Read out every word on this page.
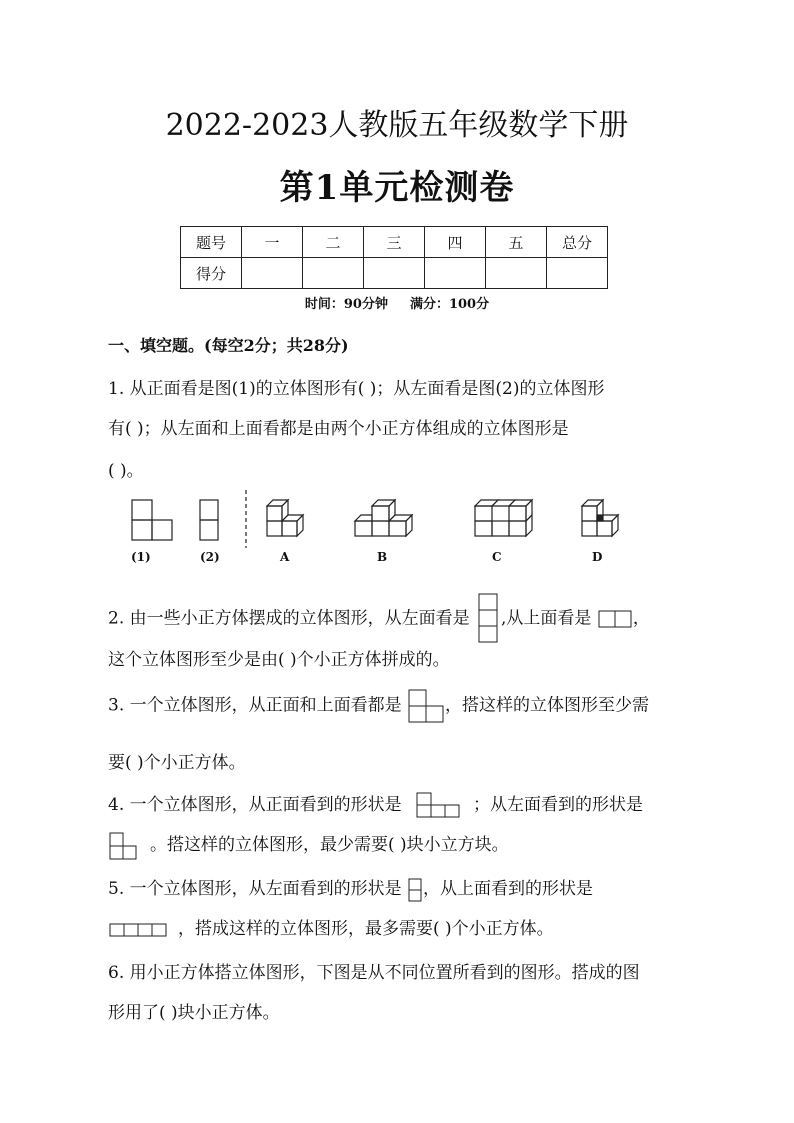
2022-2023人教版五年级数学下册
第1单元检测卷
题号	一	二	三	四	五	总分
得分						
时间：90分钟 满分：100分
一、填空题。(每空2分；共28分)
1. 从正面看是图(1)的立体图形有( )；从左面看是图(2)的立体图形
有( )；从左面和上面看都是由两个小正方体组成的立体图形是
( )。
(1)	(2)	A	B	C	D
2. 由一些小正方体摆成的立体图形，从左面看是 ,从上面看是 ，
这个立体图形至少是由( )个小正方体拼成的。
3. 一个立体图形，从正面和上面看都是	，搭这样的立体图形至少需
要( )个小正方体。
4. 一个立体图形，从正面看到的形状是	；从左面看到的形状是
。搭这样的立体图形，最少需要( )块小立方块。
5. 一个立体图形，从左面看到的形状是 ，从上面看到的形状是
，搭成这样的立体图形，最多需要( )个小正方体。
6. 用小正方体搭立体图形，下图是从不同位置所看到的图形。搭成的图
形用了( )块小正方体。
